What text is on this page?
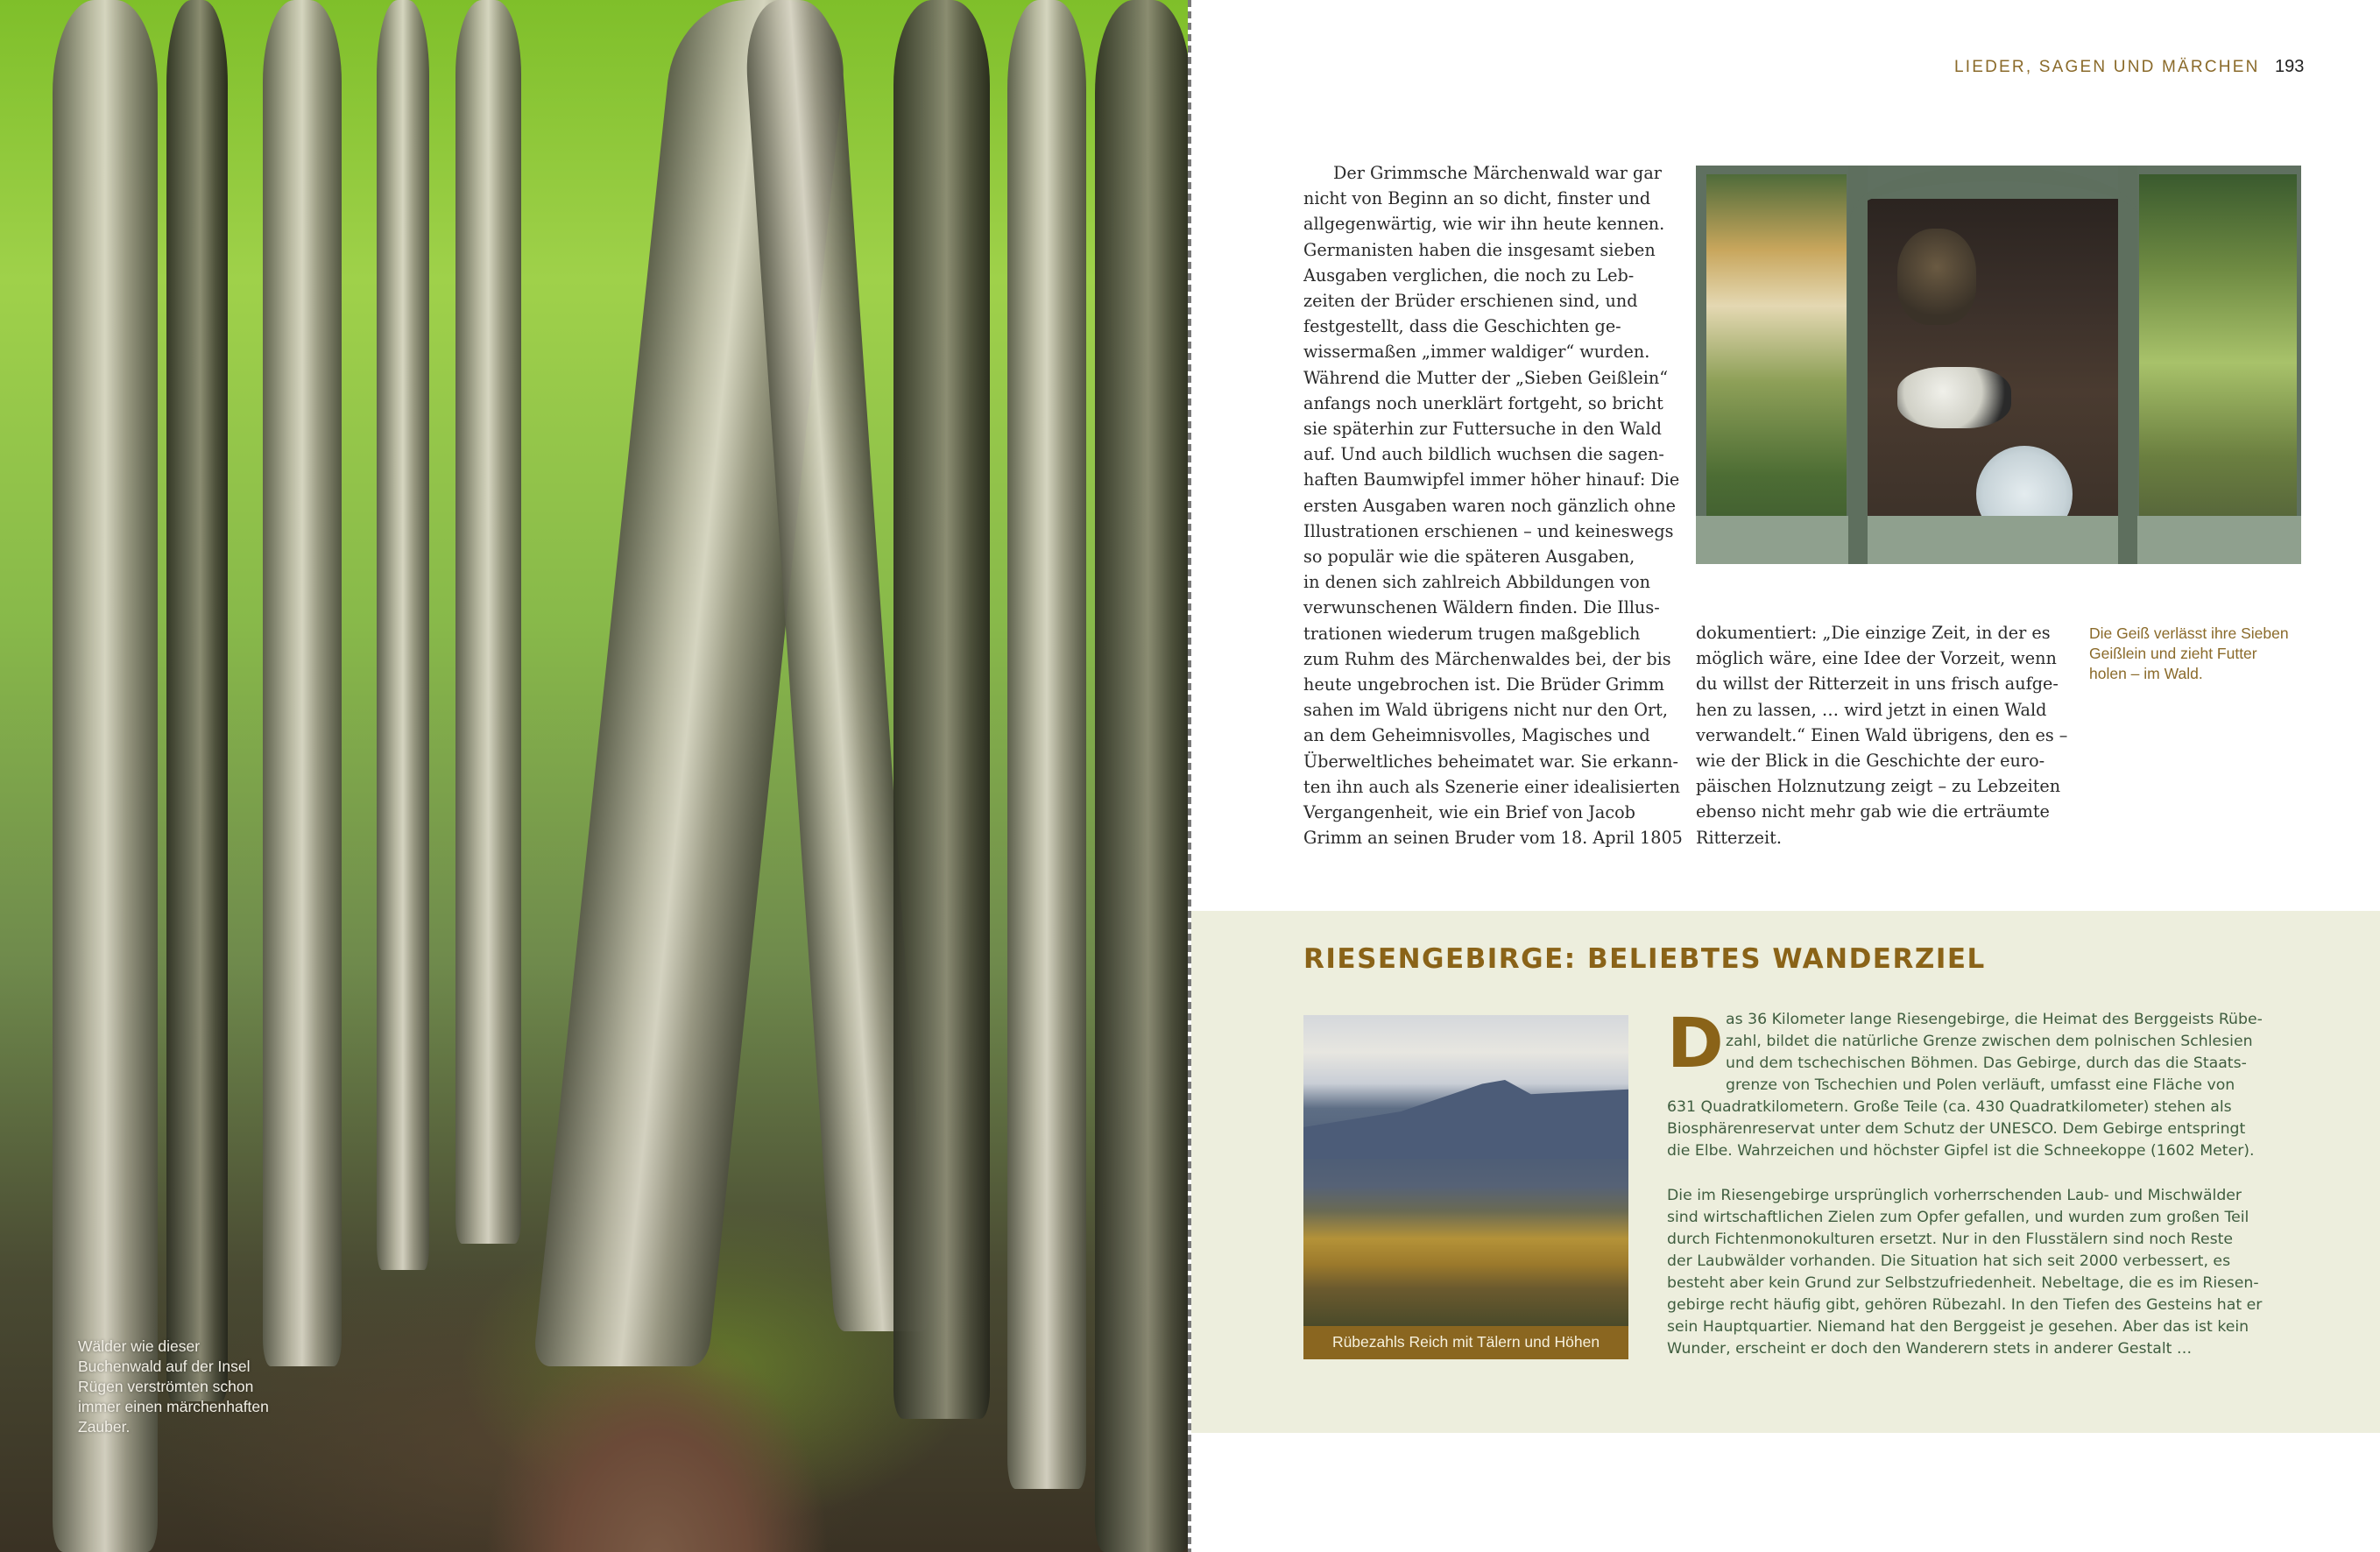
Wälder wie dieser
Buchenwald auf der Insel
Rügen verströmten schon
immer einen märchenhaften
Zauber.
LIEDER, SAGEN UND MÄRCHEN 193
Der Grimmsche Märchenwald war gar
nicht von Beginn an so dicht, finster und
allgegenwärtig, wie wir ihn heute kennen.
Germanisten haben die insgesamt sieben
Ausgaben verglichen, die noch zu Leb-
zeiten der Brüder erschienen sind, und
festgestellt, dass die Geschichten ge-
wissermaßen „immer waldiger“ wurden.
Während die Mutter der „Sieben Geißlein“
anfangs noch unerklärt fortgeht, so bricht
sie späterhin zur Futtersuche in den Wald
auf. Und auch bildlich wuchsen die sagen-
haften Baumwipfel immer höher hinauf: Die
ersten Ausgaben waren noch gänzlich ohne
Illustrationen erschienen – und keineswegs
so populär wie die späteren Ausgaben,
in denen sich zahlreich Abbildungen von
verwunschenen Wäldern finden. Die Illus-
trationen wiederum trugen maßgeblich
zum Ruhm des Märchenwaldes bei, der bis
heute ungebrochen ist. Die Brüder Grimm
sahen im Wald übrigens nicht nur den Ort,
an dem Geheimnisvolles, Magisches und
Überweltliches beheimatet war. Sie erkann-
ten ihn auch als Szenerie einer idealisierten
Vergangenheit, wie ein Brief von Jacob
Grimm an seinen Bruder vom 18. April 1805
dokumentiert: „Die einzige Zeit, in der es
möglich wäre, eine Idee der Vorzeit, wenn
du willst der Ritterzeit in uns frisch aufge-
hen zu lassen, … wird jetzt in einen Wald
verwandelt.“ Einen Wald übrigens, den es –
wie der Blick in die Geschichte der euro-
päischen Holznutzung zeigt – zu Lebzeiten
ebenso nicht mehr gab wie die erträumte
Ritterzeit.
Die Geiß verlässt ihre Sieben
Geißlein und zieht Futter
holen – im Wald.
RIESENGEBIRGE: BELIEBTES WANDERZIEL
Rübezahls Reich mit Tälern und Höhen
D as 36 Kilometer lange Riesengebirge, die Heimat des Berggeists Rübe-
zahl, bildet die natürliche Grenze zwischen dem polnischen Schlesien
und dem tschechischen Böhmen. Das Gebirge, durch das die Staats-
grenze von Tschechien und Polen verläuft, umfasst eine Fläche von
631 Quadratkilometern. Große Teile (ca. 430 Quadratkilometer) stehen als
Biosphärenreservat unter dem Schutz der UNESCO. Dem Gebirge entspringt
die Elbe. Wahrzeichen und höchster Gipfel ist die Schneekoppe (1602 Meter).
Die im Riesengebirge ursprünglich vorherrschenden Laub- und Mischwälder
sind wirtschaftlichen Zielen zum Opfer gefallen, und wurden zum großen Teil
durch Fichtenmonokulturen ersetzt. Nur in den Flusstälern sind noch Reste
der Laubwälder vorhanden. Die Situation hat sich seit 2000 verbessert, es
besteht aber kein Grund zur Selbstzufriedenheit. Nebeltage, die es im Riesen-
gebirge recht häufig gibt, gehören Rübezahl. In den Tiefen des Gesteins hat er
sein Hauptquartier. Niemand hat den Berggeist je gesehen. Aber das ist kein
Wunder, erscheint er doch den Wanderern stets in anderer Gestalt …
